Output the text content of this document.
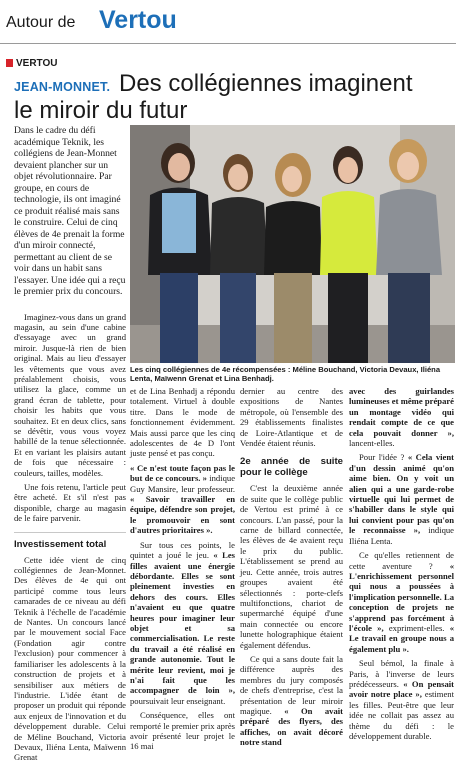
Autour de Vertou
VERTOU
Des collégiennes imaginent
le miroir du futur
JEAN-MONNET.

Dans le cadre du défi académique Teknik, les collégiens de Jean-Monnet devaient plancher sur un objet révolutionnaire. Par groupe, en cours de technologie, ils ont imaginé ce produit réalisé mais sans le construire. Celui de cinq élèves de 4e prenait la forme d'un miroir connecté, permettant au client de se voir dans un habit sans l'essayer. Une idée qui a reçu le premier prix du concours.

Imaginez-vous dans un grand magasin, au sein d'une cabine d'essayage avec un grand miroir. Jusque-là rien de bien original. Mais au lieu d'essayer les vêtements que vous avez préalablement choisis, vous utilisez la glace, comme un grand écran de tablette, pour choisir les habits que vous souhaitez. Et en deux clics, sans se dévêtir, vous vous voyez habillé de la tenue sélectionnée. Et en variant les plaisirs autant de fois que nécessaire : couleurs, tailles, modèles.

Une fois retenu, l'article peut être acheté. Et s'il n'est pas disponible, charge au magasin de le faire parvenir.

Investissement total

Cette idée vient de cinq collégiennes de Jean-Monnet. Des élèves de 4e qui ont participé comme tous leurs camarades de ce niveau au défi Teknik à l'échelle de l'académie de Nantes. Un concours lancé par le mouvement social Face (Fondation agir contre l'exclusion) pour commencer à familiariser les adolescents à la construction de projets et à sensibiliser aux métiers de l'industrie. L'idée étant de proposer un produit qui réponde aux enjeux de l'innovation et du développement durable. Celui de Méline Bouchand, Victoria Devaux, Iliéna Lenta, Maïwenn Grenat

Les cinq collégiennes de 4e récompensées : Méline Bouchand, Victoria Devaux, Iliéna Lenta, Maïwenn Grenat et Lina Benhadj.

et de Lina Benhadj a répondu totalement. Virtuel à double titre. Dans le mode de fonctionnement évidemment. Mais aussi parce que les cinq adolescentes de 4e D l'ont juste pensé et pas conçu.

« Ce n'est toute façon pas le but de ce concours. » indique Guy Mansire, leur professeur. « Savoir travailler en équipe, défendre son projet, le promouvoir en sont d'autres prioritaires ».

Sur tous ces points, le quintet a joué le jeu. « Les filles avaient une énergie débordante. Elles se sont pleinement investies en dehors des cours. Elles n'avaient eu que quatre heures pour imaginer leur objet et sa commercialisation. Le reste du travail a été réalisé en grande autonomie. Tout le mérite leur revient, moi je n'ai fait que les accompagner de loin », poursuivait leur enseignant.

Conséquence, elles ont remporté le premier prix après avoir présenté leur projet le 16 mai

dernier au centre des expositions de Nantes métropole, où l'ensemble des 29 établissements finalistes de Loire-Atlantique et de Vendée étaient réunis.

2e année de suite pour le collège

C'est la deuxième année de suite que le collège public de Vertou est primé à ce concours. L'an passé, pour la carne de billard connectée, les élèves de 4e avaient reçu le prix du public. L'établissement se prend au jeu. Cette année, trois autres groupes avaient été sélectionnés : porte-clefs multifonctions, chariot de supermarché équipé d'une main connectée ou encore lunette holographique étaient également défendus.

Ce qui a sans doute fait la différence auprès des membres du jury composés de chefs d'entreprise, c'est la présentation de leur miroir magique. « On avait préparé des flyers, des affiches, on avait décoré notre stand

avec des guirlandes lumineuses et même préparé un montage vidéo qui rendait compte de ce que cela pouvait donner », lancent-elles.

Pour l'idée ? « Cela vient d'un dessin animé qu'on aime bien. On y voit un alien qui a une garde-robe virtuelle qui lui permet de s'habiller dans le style qui lui convient pour pas qu'on le reconnaisse », indique Iliéna Lenta.

Ce qu'elles retiennent de cette aventure ? « L'enrichissement personnel qui nous a poussées à l'implication personnelle. La conception de projets ne s'apprend pas forcément à l'école », expriment-elles. « Le travail en groupe nous a également plu ».

Seul bémol, la finale à Paris, à l'inverse de leurs prédécesseurs. « On pensait avoir notre place », estiment les filles. Peut-être que leur idée ne collait pas assez au thème du défi : le développement durable.
